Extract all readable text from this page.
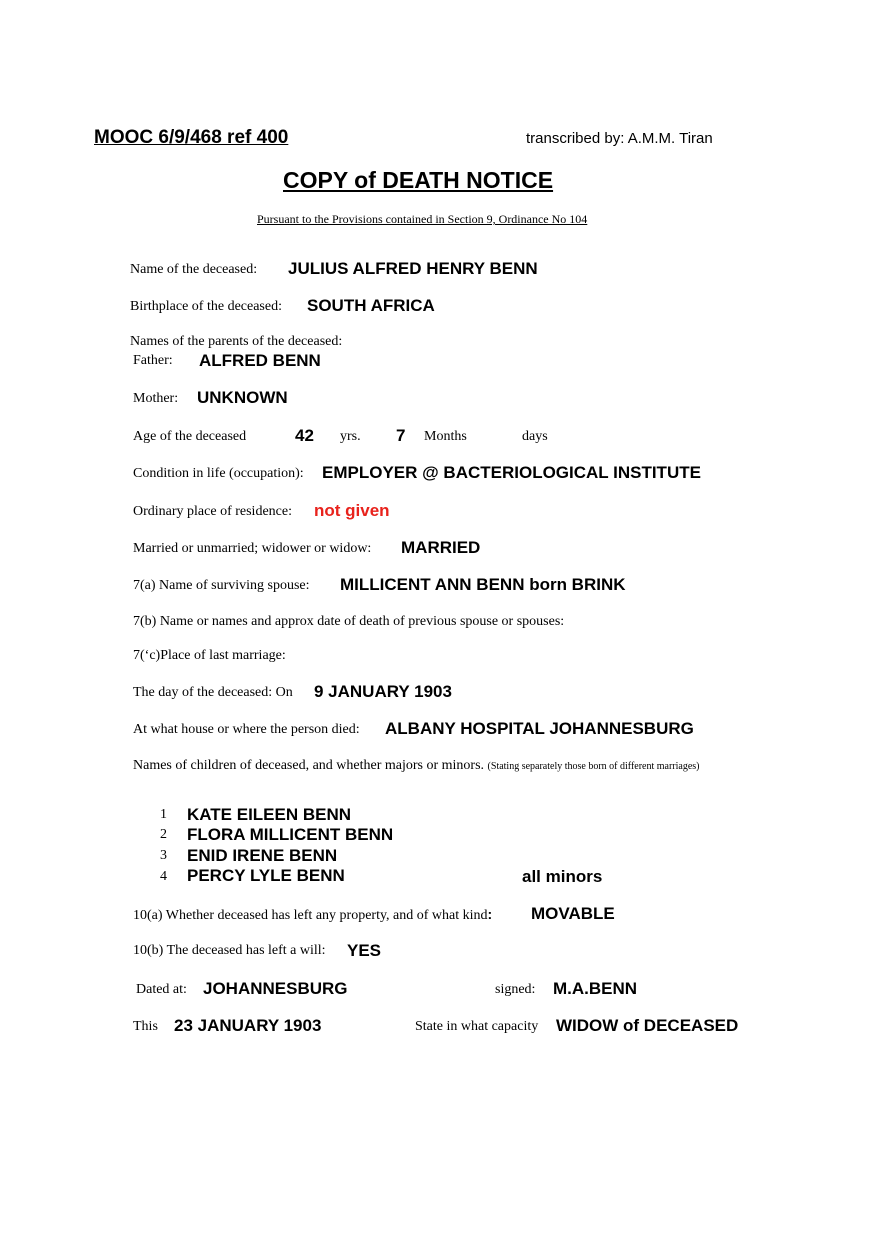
MOOC 6/9/468 ref 400	transcribed by: A.M.M. Tiran
COPY of DEATH NOTICE
Pursuant to the Provisions contained in Section 9, Ordinance No 104
Name of the deceased: JULIUS ALFRED HENRY BENN
Birthplace of the deceased: SOUTH AFRICA
Names of the parents of the deceased:
Father: ALFRED BENN
Mother: UNKNOWN
Age of the deceased	42 yrs. 7 Months	days
Condition in life (occupation): EMPLOYER @ BACTERIOLOGICAL INSTITUTE
Ordinary place of residence: not given
Married or unmarried; widower or widow: MARRIED
7(a) Name of surviving spouse: MILLICENT ANN BENN born BRINK
7(b) Name or names and approx date of death of previous spouse or spouses:
7(‘c)Place of last marriage:
The day of the deceased: On 9 JANUARY 1903
At what house or where the person died: ALBANY HOSPITAL JOHANNESBURG
Names of children of deceased, and whether majors or minors. (Stating separately those born of different marriages)
1 KATE EILEEN BENN
2 FLORA MILLICENT BENN
3 ENID IRENE BENN
4 PERCY LYLE BENN	all minors
10(a) Whether deceased has left any property, and of what kind: MOVABLE
10(b) The deceased has left a will: YES
Dated at: JOHANNESBURG	signed: M.A.BENN
This 23 JANUARY 1903	State in what capacity WIDOW of DECEASED
